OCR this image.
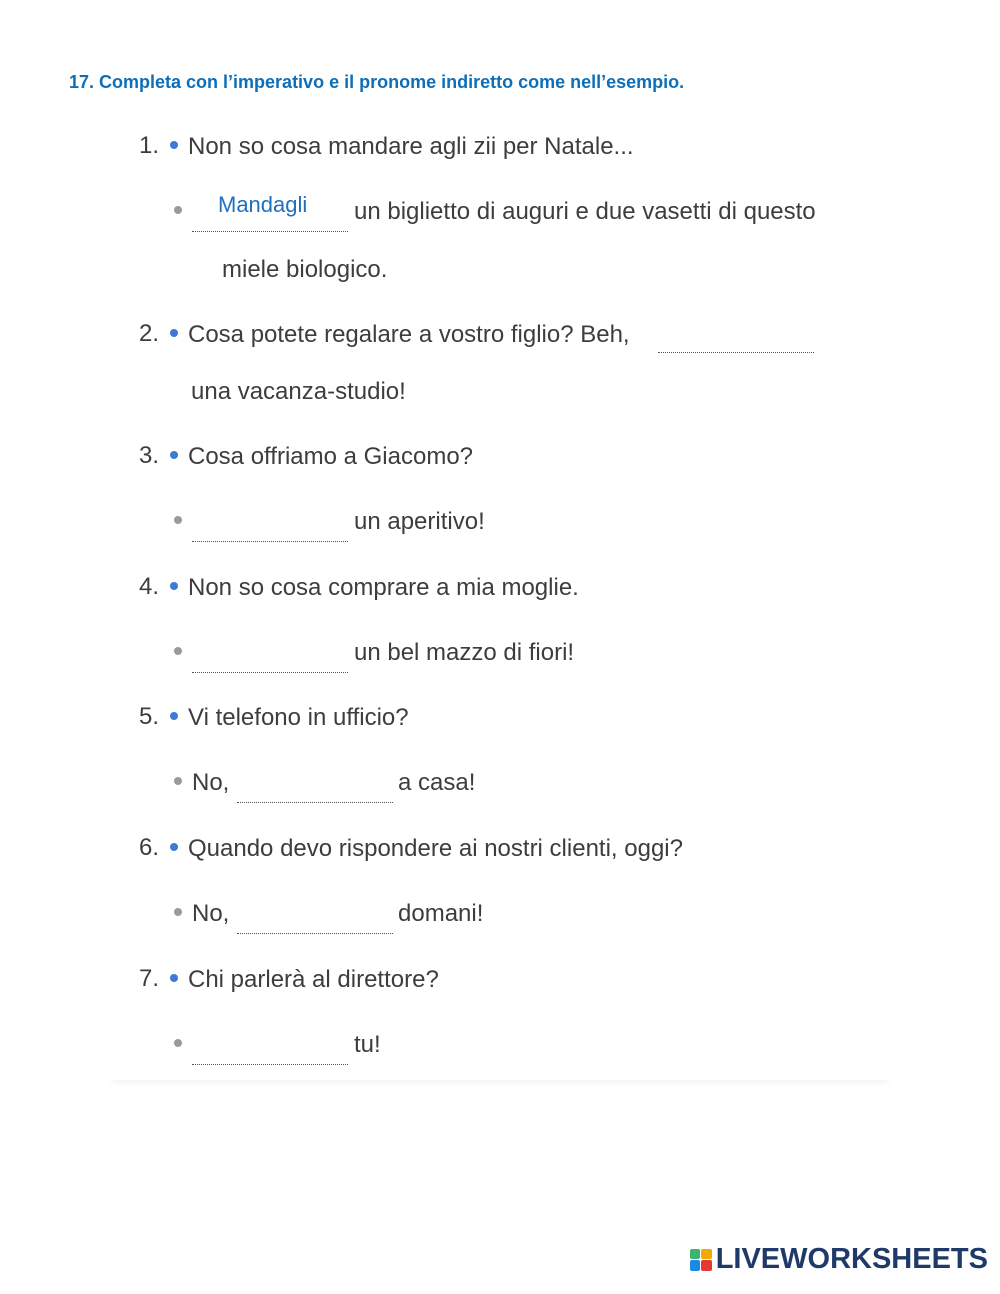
17. Completa con l’imperativo e il pronome indiretto come nell’esempio.
1. Non so cosa mandare agli zii per Natale...
Mandagli un biglietto di auguri e due vasetti di questo
miele biologico.
2. Cosa potete regalare a vostro figlio? Beh,
una vacanza-studio!
3. Cosa offriamo a Giacomo?
un aperitivo!
4. Non so cosa comprare a mia moglie.
un bel mazzo di fiori!
5. Vi telefono in ufficio?
No,	a casa!
6. Quando devo rispondere ai nostri clienti, oggi?
No,	domani!
7. Chi parlerà al direttore?
tu!
LIVEWORKSHEETS
